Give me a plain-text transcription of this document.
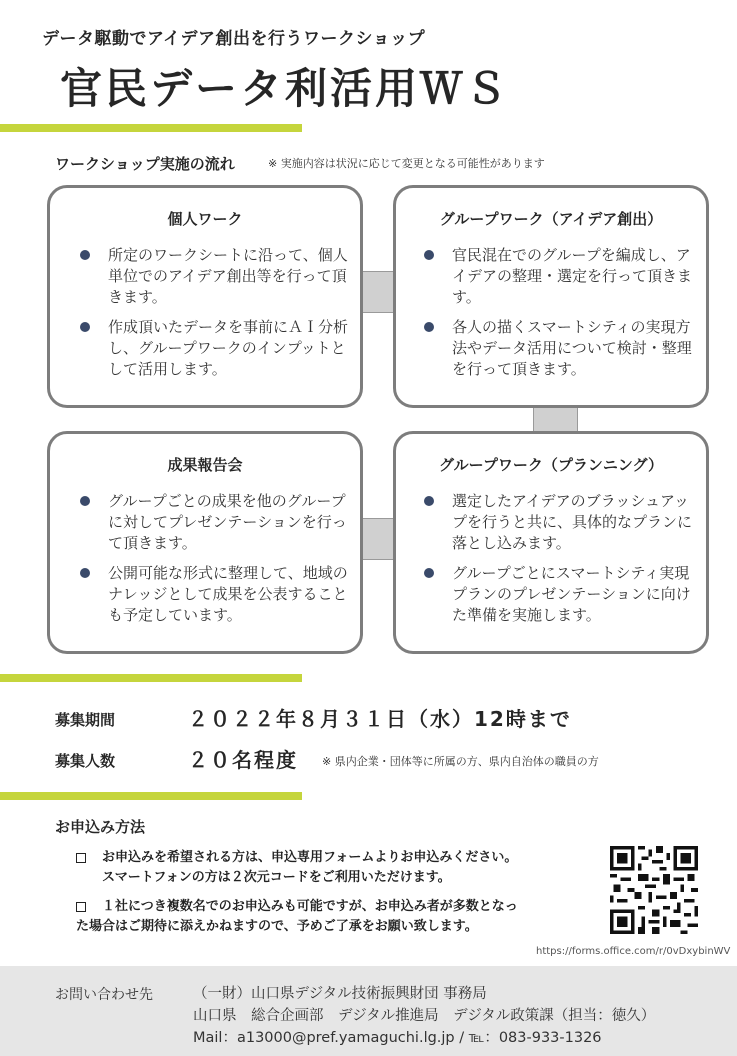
データ駆動でアイデア創出を行うワークショップ
官民データ利活用ＷＳ
ワークショップ実施の流れ	※ 実施内容は状況に応じて変更となる可能性があります
個人ワーク
所定のワークシートに沿って、個人単位でのアイデア創出等を行って頂きます。
作成頂いたデータを事前にＡＩ分析し、グループワークのインプットとして活用します。
グループワーク（アイデア創出）
官民混在でのグループを編成し、アイデアの整理・選定を行って頂きます。
各人の描くスマートシティの実現方法やデータ活用について検討・整理を行って頂きます。
成果報告会
グループごとの成果を他のグループに対してプレゼンテーションを行って頂きます。
公開可能な形式に整理して、地域のナレッジとして成果を公表することも予定しています。
グループワーク（プランニング）
選定したアイデアのブラッシュアップを行うと共に、具体的なプランに落とし込みます。
グループごとにスマートシティ実現プランのプレゼンテーションに向けた準備を実施します。
募集期間	２０２２年８月３１日（水）12時まで
募集人数	２０名程度 ※ 県内企業・団体等に所属の方、県内自治体の職員の方
お申込み方法
お申込みを希望される方は、申込専用フォームよりお申込みください。
スマートフォンの方は２次元コードをご利用いただけます。
１社につき複数名でのお申込みも可能ですが、お申込み者が多数となっ
た場合はご期待に添えかねますので、予めご了承をお願い致します。
https://forms.office.com/r/0vDxybinWV
お問い合わせ先	（一財）山口県デジタル技術振興財団 事務局
山口県　総合企画部　デジタル推進局　デジタル政策課（担当：徳久）
Mail：a13000@pref.yamaguchi.lg.jp / ℡：083-933-1326
